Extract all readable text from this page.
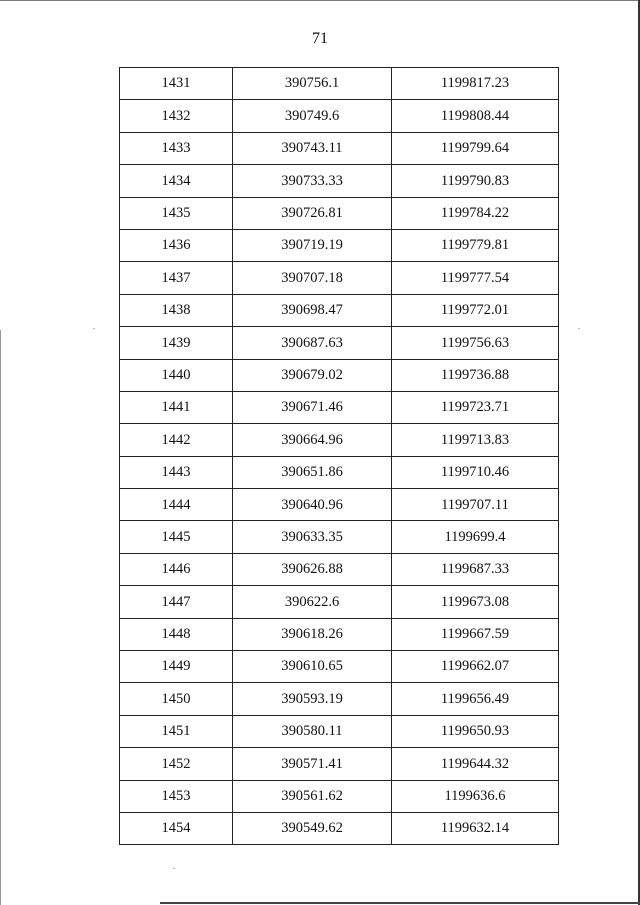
71
1431	390756.1	1199817.23
1432	390749.6	1199808.44
1433	390743.11	1199799.64
1434	390733.33	1199790.83
1435	390726.81	1199784.22
1436	390719.19	1199779.81
1437	390707.18	1199777.54
1438	390698.47	1199772.01
1439	390687.63	1199756.63
1440	390679.02	1199736.88
1441	390671.46	1199723.71
1442	390664.96	1199713.83
1443	390651.86	1199710.46
1444	390640.96	1199707.11
1445	390633.35	1199699.4
1446	390626.88	1199687.33
1447	390622.6	1199673.08
1448	390618.26	1199667.59
1449	390610.65	1199662.07
1450	390593.19	1199656.49
1451	390580.11	1199650.93
1452	390571.41	1199644.32
1453	390561.62	1199636.6
1454	390549.62	1199632.14
